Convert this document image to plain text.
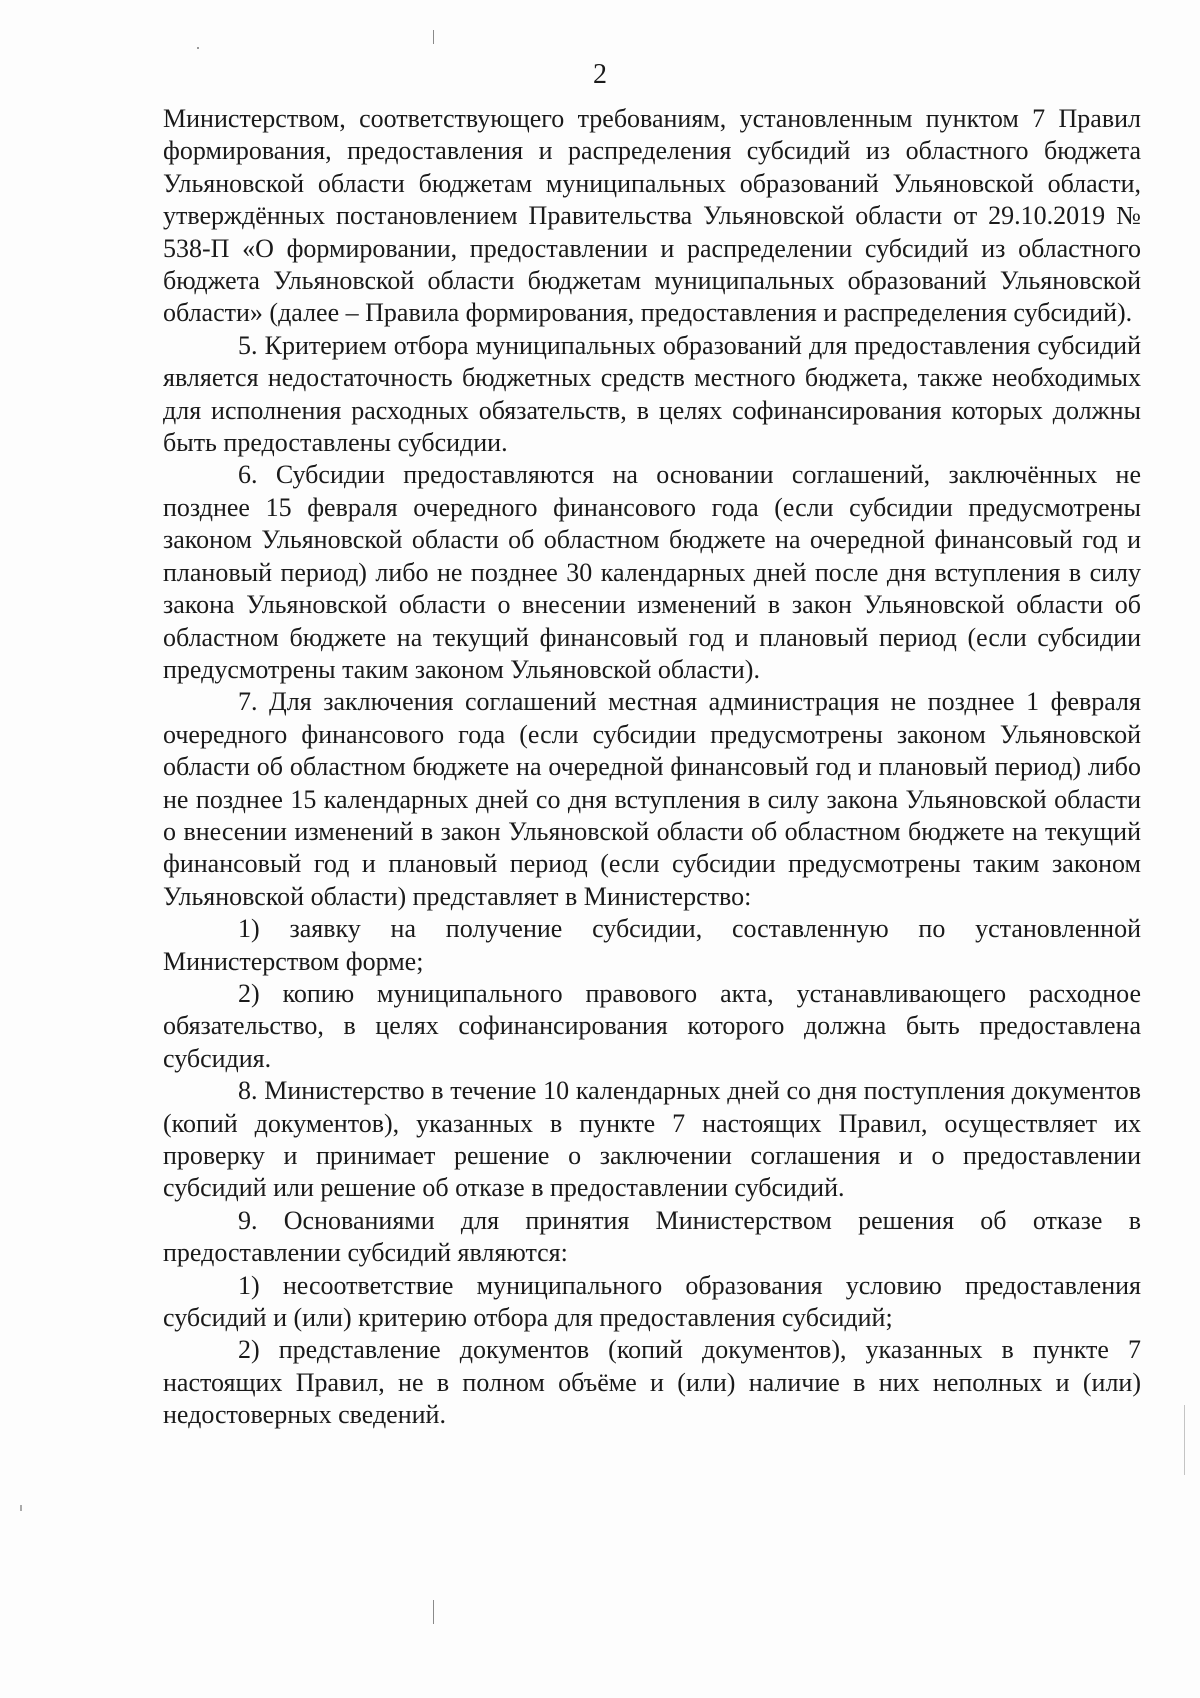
2

Министерством, соответствующего требованиям, установленным пунктом 7 Правил формирования, предоставления и распределения субсидий из областного бюджета Ульяновской области бюджетам муниципальных образований Ульяновской области, утверждённых постановлением Правительства Ульяновской области от 29.10.2019 № 538-П «О формировании, предоставлении и распределении субсидий из областного бюджета Ульяновской области бюджетам муниципальных образований Ульяновской области» (далее – Правила формирования, предоставления и распределения субсидий).

5. Критерием отбора муниципальных образований для предоставления субсидий является недостаточность бюджетных средств местного бюджета, также необходимых для исполнения расходных обязательств, в целях софинансирования которых должны быть предоставлены субсидии.

6. Субсидии предоставляются на основании соглашений, заключённых не позднее 15 февраля очередного финансового года (если субсидии предусмотрены законом Ульяновской области об областном бюджете на очередной финансовый год и плановый период) либо не позднее 30 календарных дней после дня вступления в силу закона Ульяновской области о внесении изменений в закон Ульяновской области об областном бюджете на текущий финансовый год и плановый период (если субсидии предусмотрены таким законом Ульяновской области).

7. Для заключения соглашений местная администрация не позднее 1 февраля очередного финансового года (если субсидии предусмотрены законом Ульяновской области об областном бюджете на очередной финансовый год и плановый период) либо не позднее 15 календарных дней со дня вступления в силу закона Ульяновской области о внесении изменений в закон Ульяновской области об областном бюджете на текущий финансовый год и плановый период (если субсидии предусмотрены таким законом Ульяновской области) представляет в Министерство:

1) заявку на получение субсидии, составленную по установленной Министерством форме;

2) копию муниципального правового акта, устанавливающего расходное обязательство, в целях софинансирования которого должна быть предоставлена субсидия.

8. Министерство в течение 10 календарных дней со дня поступления документов (копий документов), указанных в пункте 7 настоящих Правил, осуществляет их проверку и принимает решение о заключении соглашения и о предоставлении субсидий или решение об отказе в предоставлении субсидий.

9. Основаниями для принятия Министерством решения об отказе в предоставлении субсидий являются:

1) несоответствие муниципального образования условию предоставления субсидий и (или) критерию отбора для предоставления субсидий;

2) представление документов (копий документов), указанных в пункте 7 настоящих Правил, не в полном объёме и (или) наличие в них неполных и (или) недостоверных сведений.
